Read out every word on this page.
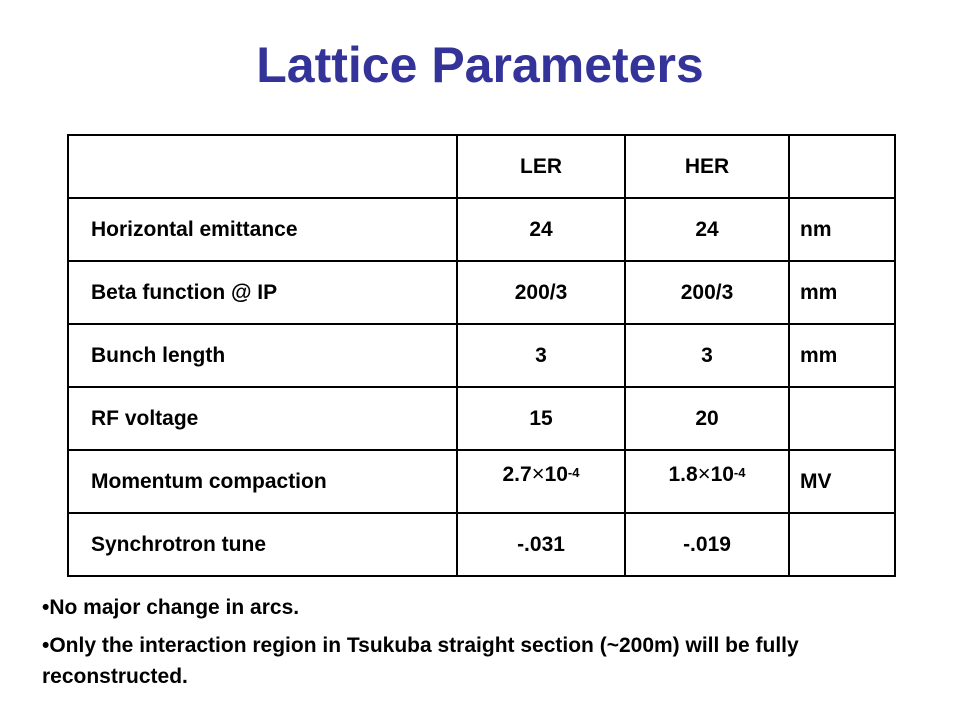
Lattice Parameters
	LER	HER	
Horizontal emittance	24	24	nm
Beta function @ IP	200/3	200/3	mm
Bunch length	3	3	mm
RF voltage	15	20	
Momentum compaction	$2.7\times 10^{-4}$	$1.8\times 10^{-4}$	MV
Synchrotron tune	-.031	-.019	
•No major change in arcs.
•Only the interaction region in Tsukuba straight section (~200m) will be fully reconstructed.
